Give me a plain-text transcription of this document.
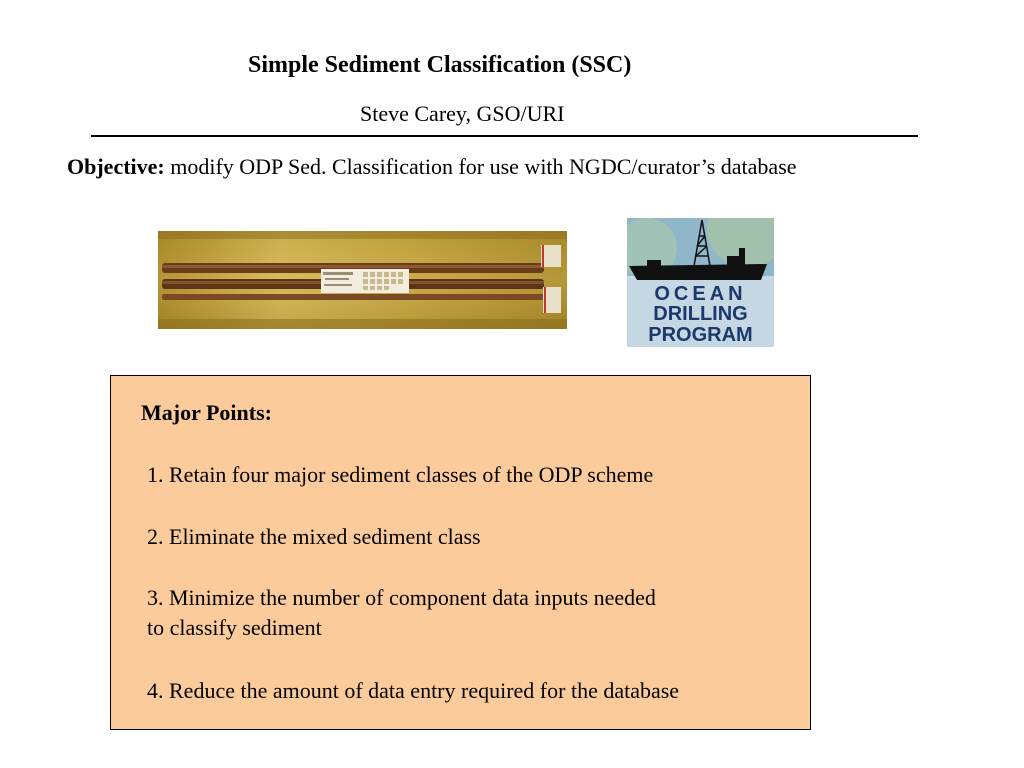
Simple Sediment Classification (SSC)
Steve Carey, GSO/URI
Objective: modify ODP Sed. Classification for use with NGDC/curator’s database
OCEAN
DRILLING
PROGRAM
Major Points:
1. Retain four major sediment classes of the ODP scheme
2. Eliminate the mixed sediment class
3. Minimize the number of component data inputs needed
to classify sediment
4. Reduce the amount of data entry required for the database
